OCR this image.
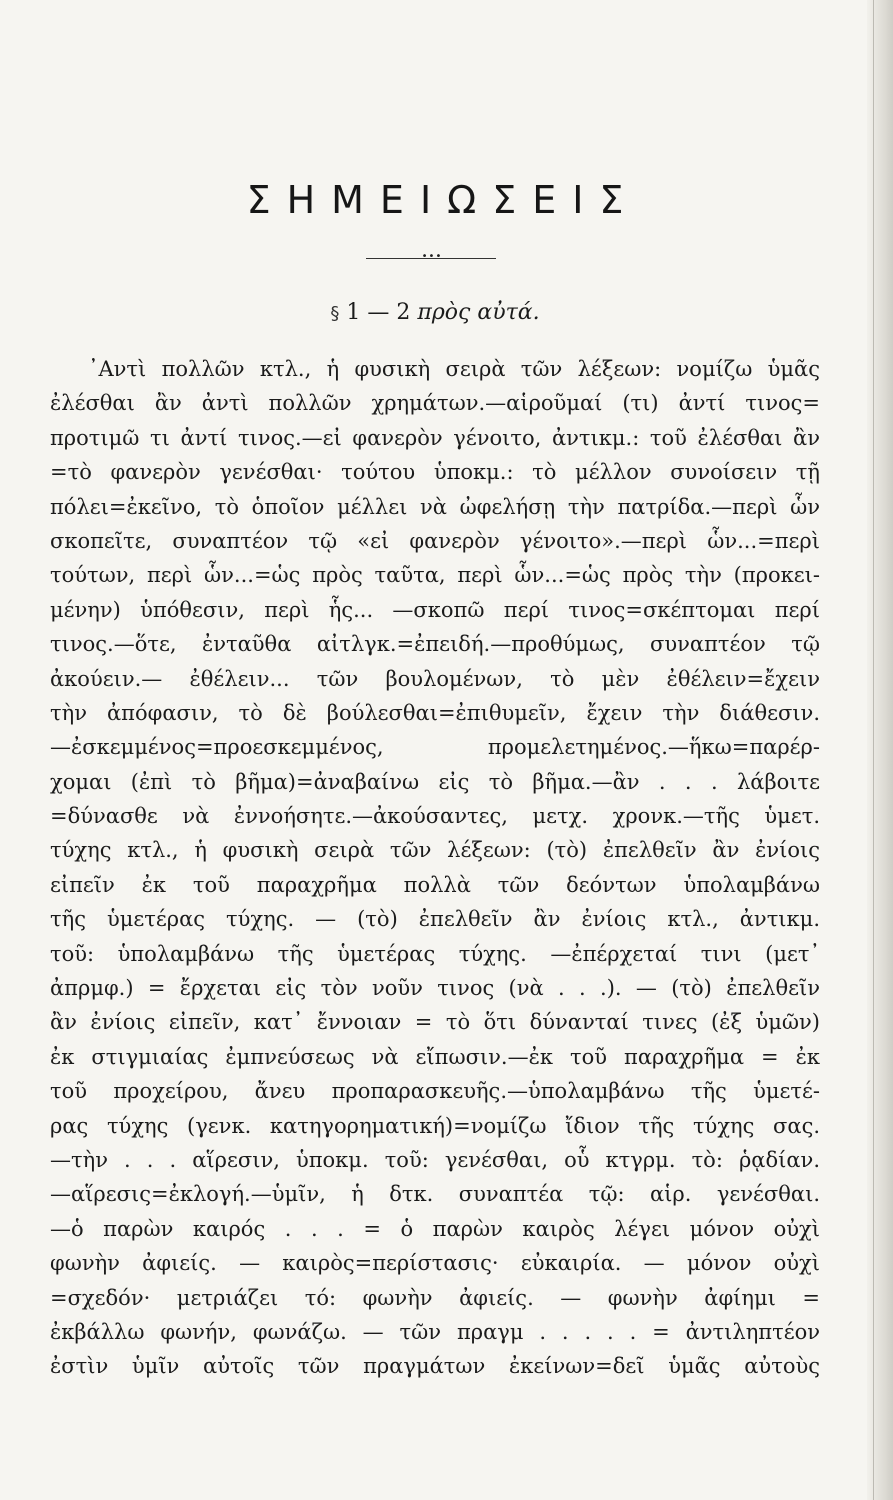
ΣΗΜΕΙΩΣΕΙΣ
•••
§ 1 — 2 πρὸς αὐτά.
᾽Αντὶ πολλῶν κτλ., ἡ φυσικὴ σειρὰ τῶν λέξεων: νομίζω ὑμᾶς
ἐλέσθαι ἂν ἀντὶ πολλῶν χρημάτων.—αἱροῦμαί (τι) ἀντί τινος=
προτιμῶ τι ἀντί τινος.—εἰ φανερὸν γένοιτο, ἀντικμ.: τοῦ ἐλέσθαι ἂν
=τὸ φανερὸν γενέσθαι· τούτου ὑποκμ.: τὸ μέλλον συνοίσειν τῇ
πόλει=ἐκεῖνο, τὸ ὁποῖον μέλλει νὰ ὠφελήσῃ τὴν πατρίδα.—περὶ ὧν
σκοπεῖτε, συναπτέον τῷ «εἰ φανερὸν γένοιτο».—περὶ ὧν...=περὶ
τούτων, περὶ ὧν...=ὡς πρὸς ταῦτα, περὶ ὧν...=ὡς πρὸς τὴν (προκει-
μένην) ὑπόθεσιν, περὶ ἧς... —σκοπῶ περί τινος=σκέπτομαι περί
τινος.—ὅτε, ἐνταῦθα αἰτλγκ.=ἐπειδή.—προθύμως, συναπτέον τῷ
ἀκούειν.— ἐθέλειν... τῶν βουλομένων, τὸ μὲν ἐθέλειν=ἔχειν
τὴν ἀπόφασιν, τὸ δὲ βούλεσθαι=ἐπιθυμεῖν, ἔχειν τὴν διάθεσιν.
—ἐσκεμμένος=προεσκεμμένος, προμελετημένος.—ἥκω=παρέρ-
χομαι (ἐπὶ τὸ βῆμα)=ἀναβαίνω εἰς τὸ βῆμα.—ἂν . . . λάβοιτε
=δύνασθε νὰ ἐννοήσητε.—ἀκούσαντες, μετχ. χρονκ.—τῆς ὑμετ.
τύχης κτλ., ἡ φυσικὴ σειρὰ τῶν λέξεων: (τὸ) ἐπελθεῖν ἂν ἐνίοις
εἰπεῖν ἐκ τοῦ παραχρῆμα πολλὰ τῶν δεόντων ὑπολαμβάνω
τῆς ὑμετέρας τύχης. — (τὸ) ἐπελθεῖν ἂν ἐνίοις κτλ., ἀντικμ.
τοῦ: ὑπολαμβάνω τῆς ὑμετέρας τύχης. —ἐπέρχεταί τινι (μετ᾽
ἀπρμφ.) = ἔρχεται εἰς τὸν νοῦν τινος (νὰ . . .). — (τὸ) ἐπελθεῖν
ἂν ἐνίοις εἰπεῖν, κατ᾽ ἔννοιαν = τὸ ὅτι δύνανταί τινες (ἐξ ὑμῶν)
ἐκ στιγμιαίας ἐμπνεύσεως νὰ εἴπωσιν.—ἐκ τοῦ παραχρῆμα = ἐκ
τοῦ προχείρου, ἄνευ προπαρασκευῆς.—ὑπολαμβάνω τῆς ὑμετέ-
ρας τύχης (γενκ. κατηγορηματική)=νομίζω ἴδιον τῆς τύχης σας.
—τὴν . . . αἵρεσιν, ὑποκμ. τοῦ: γενέσθαι, οὗ κτγρμ. τὸ: ῥᾳδίαν.
—αἵρεσις=ἐκλογή.—ὑμῖν, ἡ δτκ. συναπτέα τῷ: αἱρ. γενέσθαι.
—ὁ παρὼν καιρός . . . = ὁ παρὼν καιρὸς λέγει μόνον οὐχὶ
φωνὴν ἀφιείς. — καιρὸς=περίστασις· εὐκαιρία. — μόνον οὐχὶ
=σχεδόν· μετριάζει τό: φωνὴν ἀφιείς. — φωνὴν ἀφίημι =
ἐκβάλλω φωνήν, φωνάζω. — τῶν πραγμ . . . . . = ἀντιληπτέον
ἐστὶν ὑμῖν αὐτοῖς τῶν πραγμάτων ἐκείνων=δεῖ ὑμᾶς αὐτοὺς
